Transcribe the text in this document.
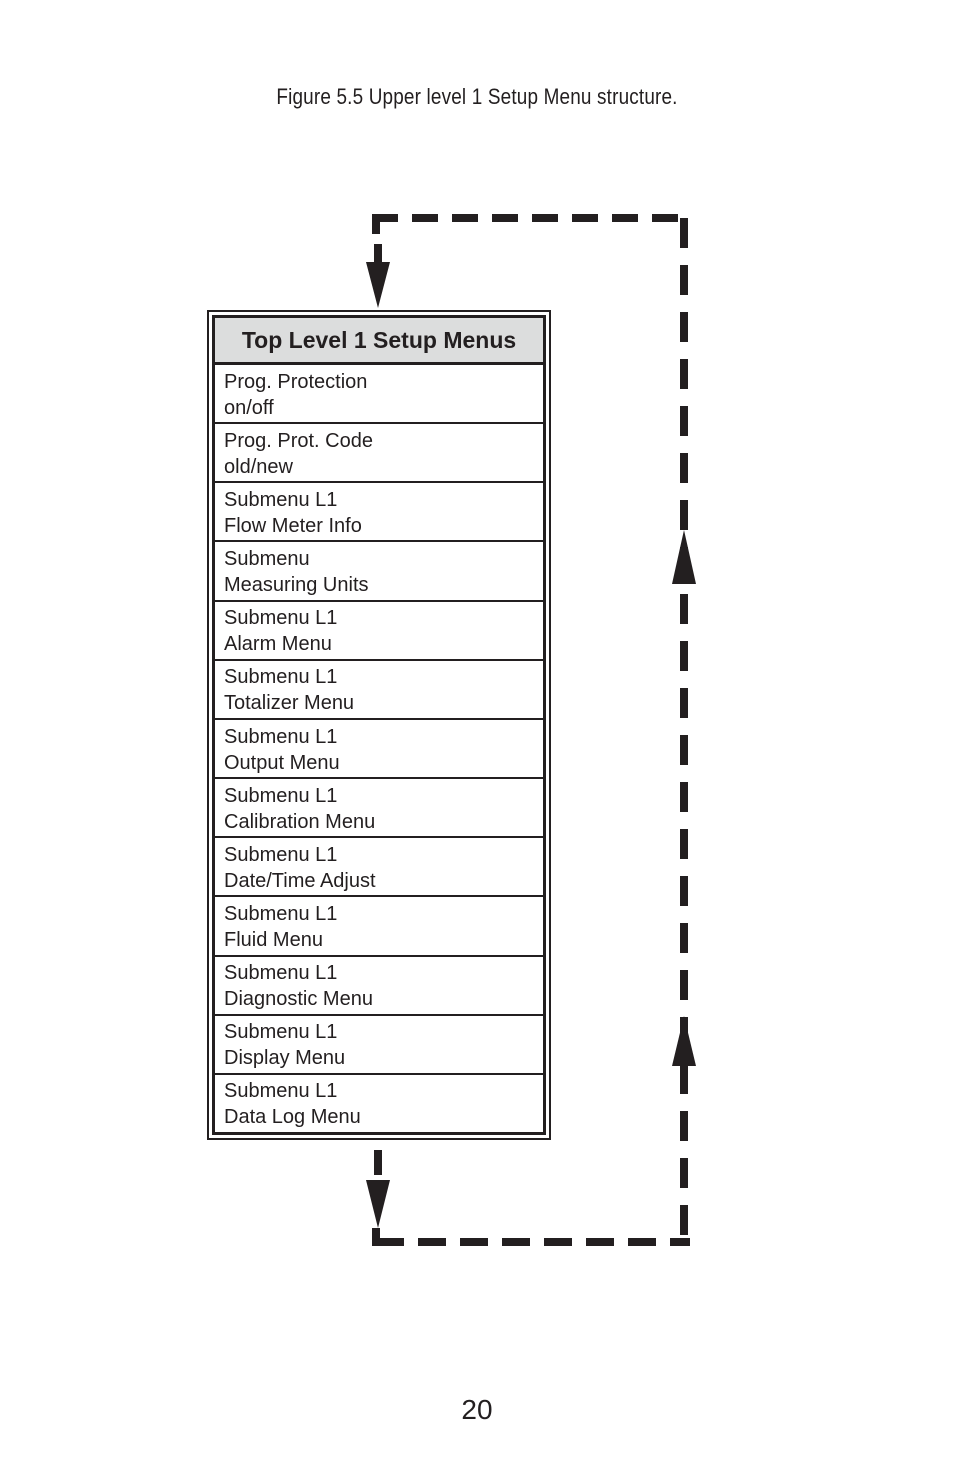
Figure 5.5 Upper level 1 Setup Menu structure.
Top Level 1 Setup Menus
Prog. Protection
on/off
Prog. Prot. Code
old/new
Submenu L1
Flow Meter Info
Submenu
Measuring Units
Submenu L1
Alarm Menu
Submenu L1
Totalizer Menu
Submenu L1
Output Menu
Submenu L1
Calibration Menu
Submenu L1
Date/Time Adjust
Submenu L1
Fluid Menu
Submenu L1
Diagnostic Menu
Submenu L1
Display Menu
Submenu L1
Data Log Menu
20
